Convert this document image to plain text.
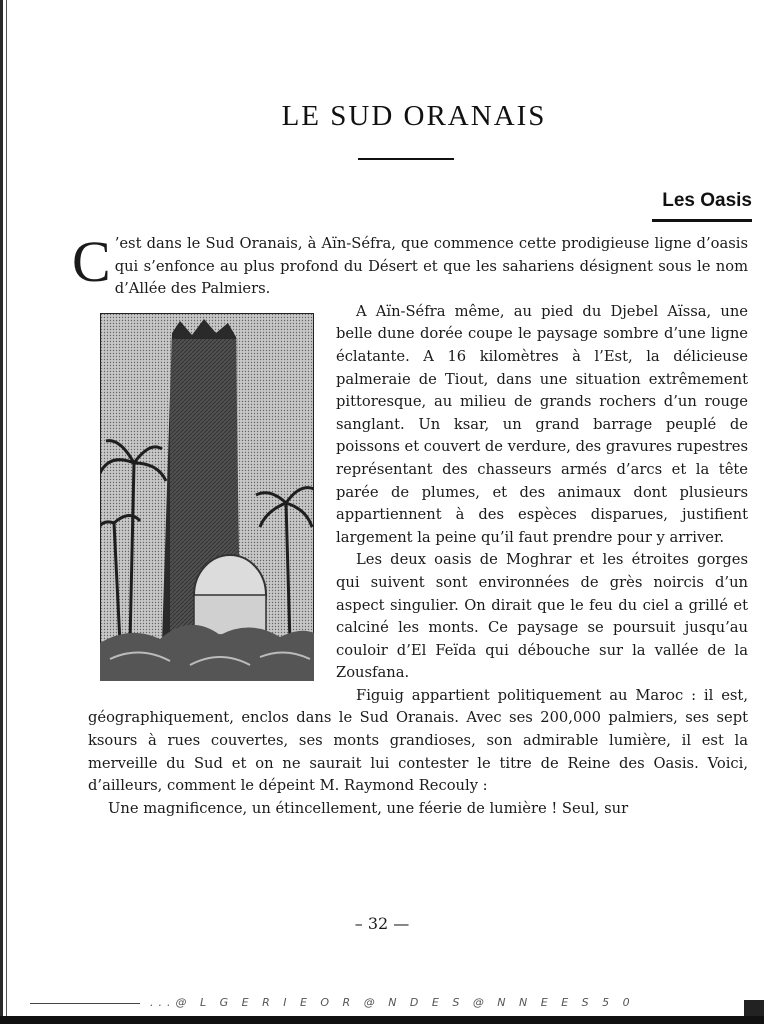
LE SUD ORANAIS
Les Oasis

C ’est dans le Sud Oranais, à Aïn-Séfra, que commence cette prodigieuse ligne d’oasis qui s’enfonce au plus profond du Désert et que les sahariens désignent sous le nom d’Allée des Palmiers.

A Aïn-Séfra même, au pied du Djebel Aïssa, une belle dune dorée coupe le paysage sombre d’une ligne éclatante. A 16 kilomètres à l’Est, la délicieuse palmeraie de Tiout, dans une situation extrêmement pittoresque, au milieu de grands rochers d’un rouge sanglant. Un ksar, un grand barrage peuplé de poissons et couvert de verdure, des gravures rupestres représentant des chasseurs armés d’arcs et la tête parée de plumes, et des animaux dont plusieurs appartiennent à des espèces disparues, justifient largement la peine qu’il faut prendre pour y arriver.

Les deux oasis de Moghrar et les étroites gorges qui suivent sont environnées de grès noircis d’un aspect singulier. On dirait que le feu du ciel a grillé et calciné les monts. Ce paysage se poursuit jusqu’au couloir d’El Feïda qui débouche sur la vallée de la Zousfana.

Figuig appartient politiquement au Maroc : il est, géographiquement, enclos dans le Sud Oranais. Avec ses 200,000 palmiers, ses sept ksours à rues couvertes, ses monts grandioses, son admirable lumière, il est la merveille du Sud et on ne saurait lui contester le titre de Reine des Oasis. Voici, d’ailleurs, comment le dépeint M. Raymond Recouly :

Une magnificence, un étincellement, une féerie de lumière ! Seul, sur

– 32 —
...@ L G E R I E O R @ N D E S @ N N E E S 5 0
